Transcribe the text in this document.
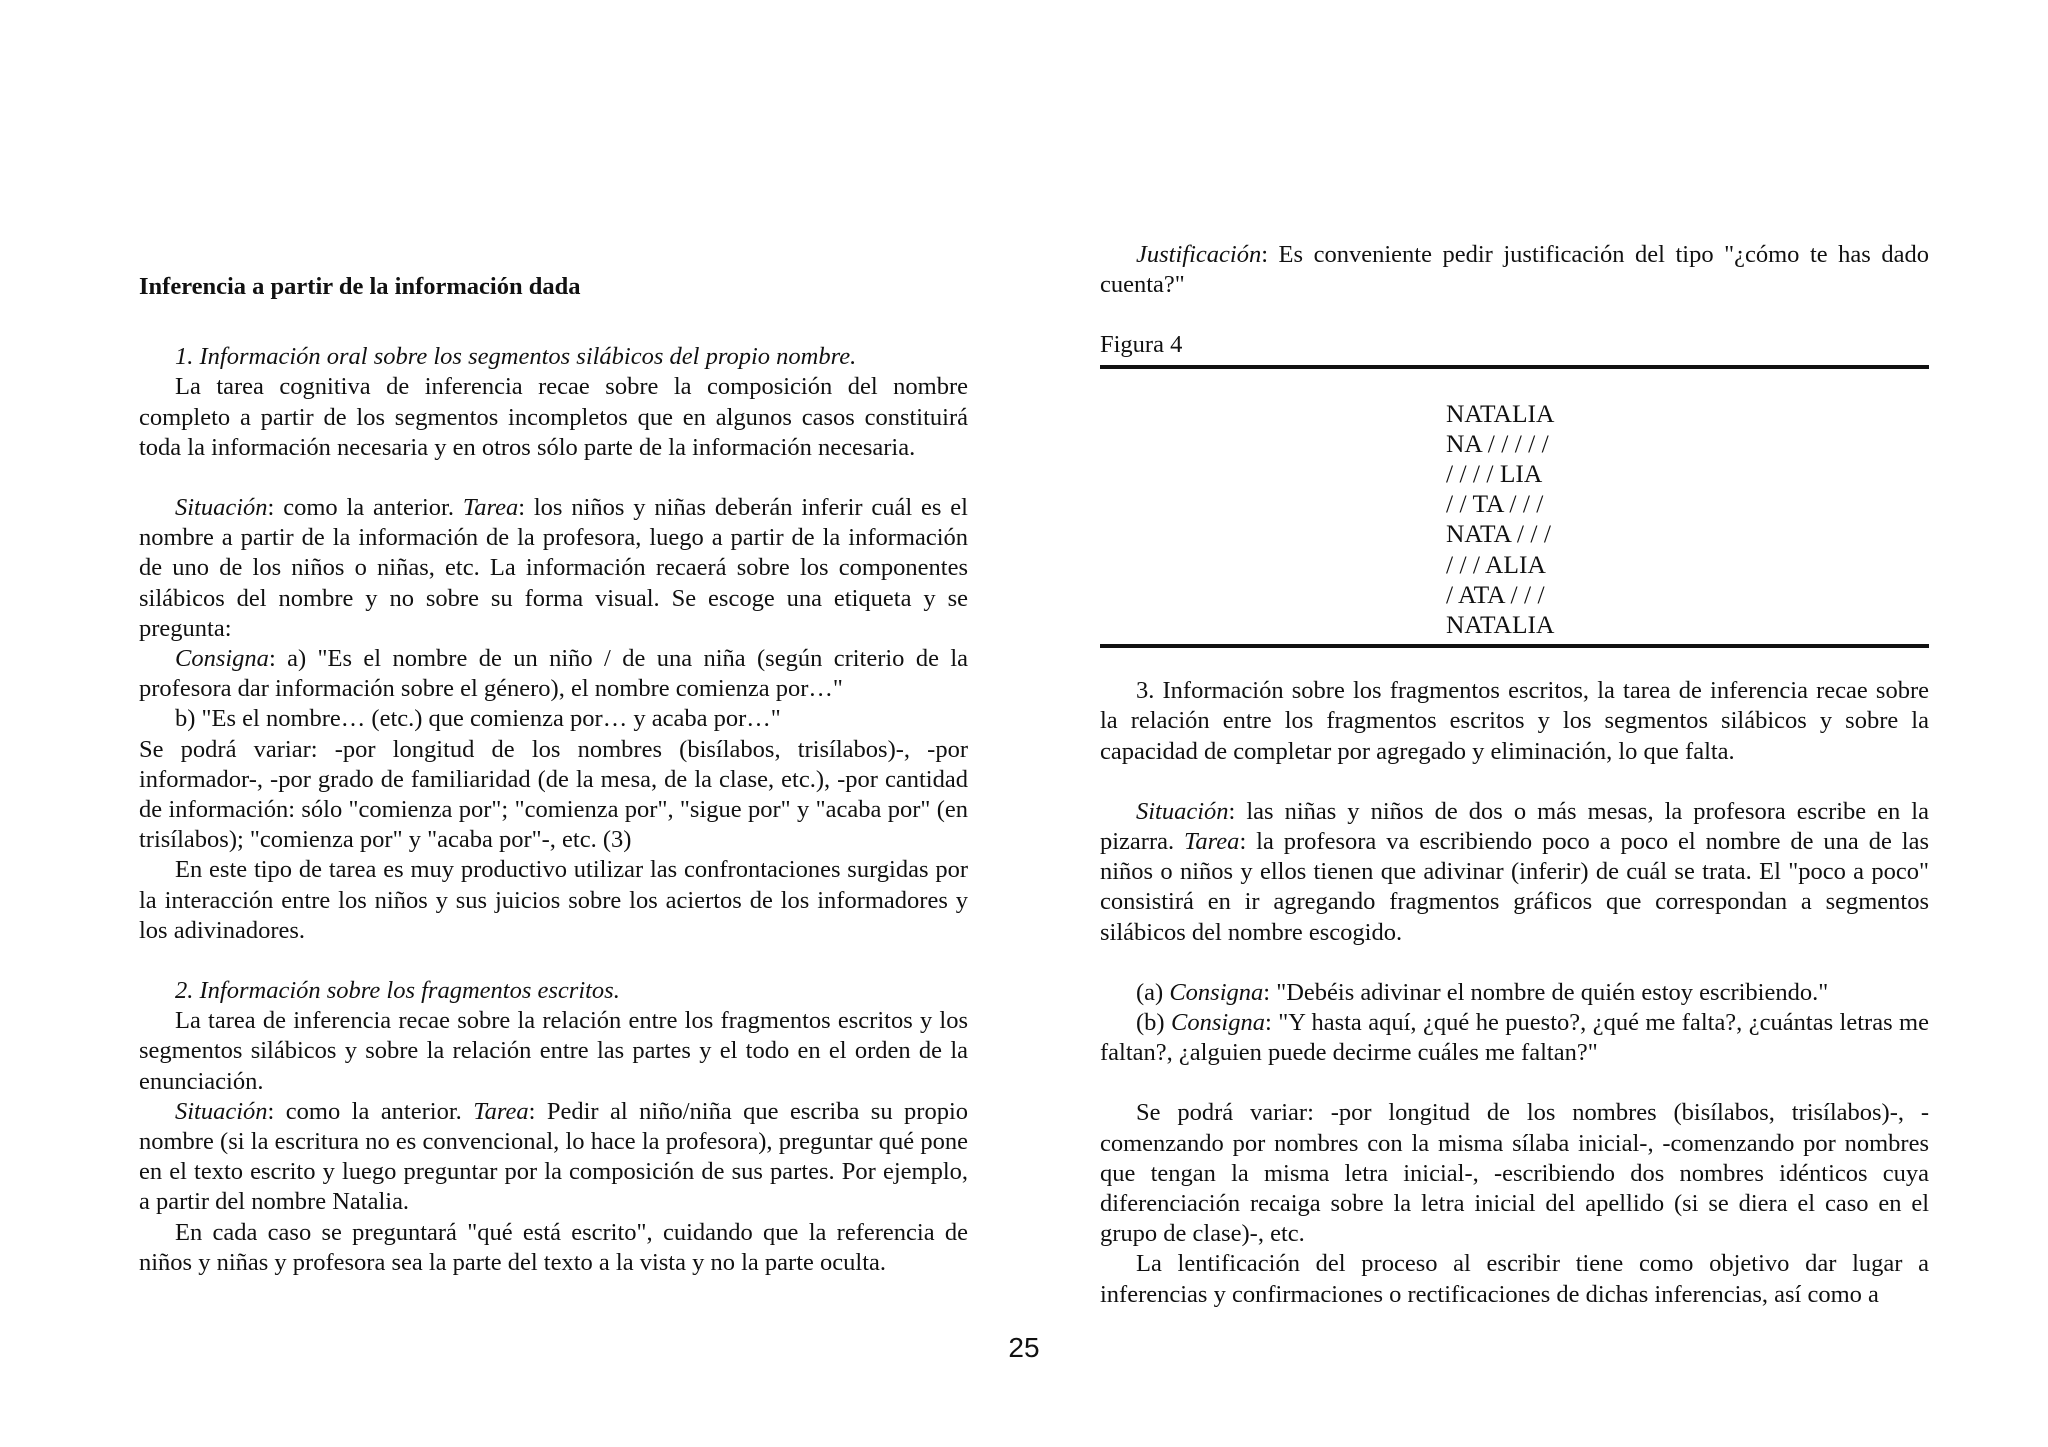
Inferencia a partir de la información dada

1. Información oral sobre los segmentos silábicos del propio nombre.

La tarea cognitiva de inferencia recae sobre la composición del nombre completo a partir de los segmentos incompletos que en algunos casos constituirá toda la información necesaria y en otros sólo parte de la información necesaria.

Situación: como la anterior. Tarea: los niños y niñas deberán inferir cuál es el nombre a partir de la información de la profesora, luego a partir de la información de uno de los niños o niñas, etc. La información recaerá sobre los componentes silábicos del nombre y no sobre su forma visual. Se escoge una etiqueta y se pregunta:

Consigna: a) "Es el nombre de un niño / de una niña (según criterio de la profesora dar información sobre el género), el nombre comienza por…"

b) "Es el nombre… (etc.) que comienza por… y acaba por…"

Se podrá variar: -por longitud de los nombres (bisílabos, trisílabos)-, -por informador-, -por grado de familiaridad (de la mesa, de la clase, etc.), -por cantidad de información: sólo "comienza por"; "comienza por", "sigue por" y "acaba por" (en trisílabos); "comienza por" y "acaba por"-, etc. (3)

En este tipo de tarea es muy productivo utilizar las confrontaciones surgidas por la interacción entre los niños y sus juicios sobre los aciertos de los informadores y los adivinadores.

2. Información sobre los fragmentos escritos.

La tarea de inferencia recae sobre la relación entre los fragmentos escritos y los segmentos silábicos y sobre la relación entre las partes y el todo en el orden de la enunciación.

Situación: como la anterior. Tarea: Pedir al niño/niña que escriba su propio nombre (si la escritura no es convencional, lo hace la profesora), preguntar qué pone en el texto escrito y luego preguntar por la composición de sus partes. Por ejemplo, a partir del nombre Natalia.

En cada caso se preguntará "qué está escrito", cuidando que la referencia de niños y niñas y profesora sea la parte del texto a la vista y no la parte oculta.

Justificación: Es conveniente pedir justificación del tipo "¿cómo te has dado cuenta?"

Figura 4
NATALIA
NA / / / / /
/ / / / LIA
/ / TA / / /
NATA / / /
/ / / ALIA
/ ATA / / /
NATALIA

3. Información sobre los fragmentos escritos, la tarea de inferencia recae sobre la relación entre los fragmentos escritos y los segmentos silábicos y sobre la capacidad de completar por agregado y eliminación, lo que falta.

Situación: las niñas y niños de dos o más mesas, la profesora escribe en la pizarra. Tarea: la profesora va escribiendo poco a poco el nombre de una de las niños o niños y ellos tienen que adivinar (inferir) de cuál se trata. El "poco a poco" consistirá en ir agregando fragmentos gráficos que correspondan a segmentos silábicos del nombre escogido.

(a) Consigna: "Debéis adivinar el nombre de quién estoy escribiendo."

(b) Consigna: "Y hasta aquí, ¿qué he puesto?, ¿qué me falta?, ¿cuántas letras me faltan?, ¿alguien puede decirme cuáles me faltan?"

Se podrá variar: -por longitud de los nombres (bisílabos, trisílabos)-, -comenzando por nombres con la misma sílaba inicial-, -comenzando por nombres que tengan la misma letra inicial-, -escribiendo dos nombres idénticos cuya diferenciación recaiga sobre la letra inicial del apellido (si se diera el caso en el grupo de clase)-, etc.

La lentificación del proceso al escribir tiene como objetivo dar lugar a inferencias y confirmaciones o rectificaciones de dichas inferencias, así como a

25
